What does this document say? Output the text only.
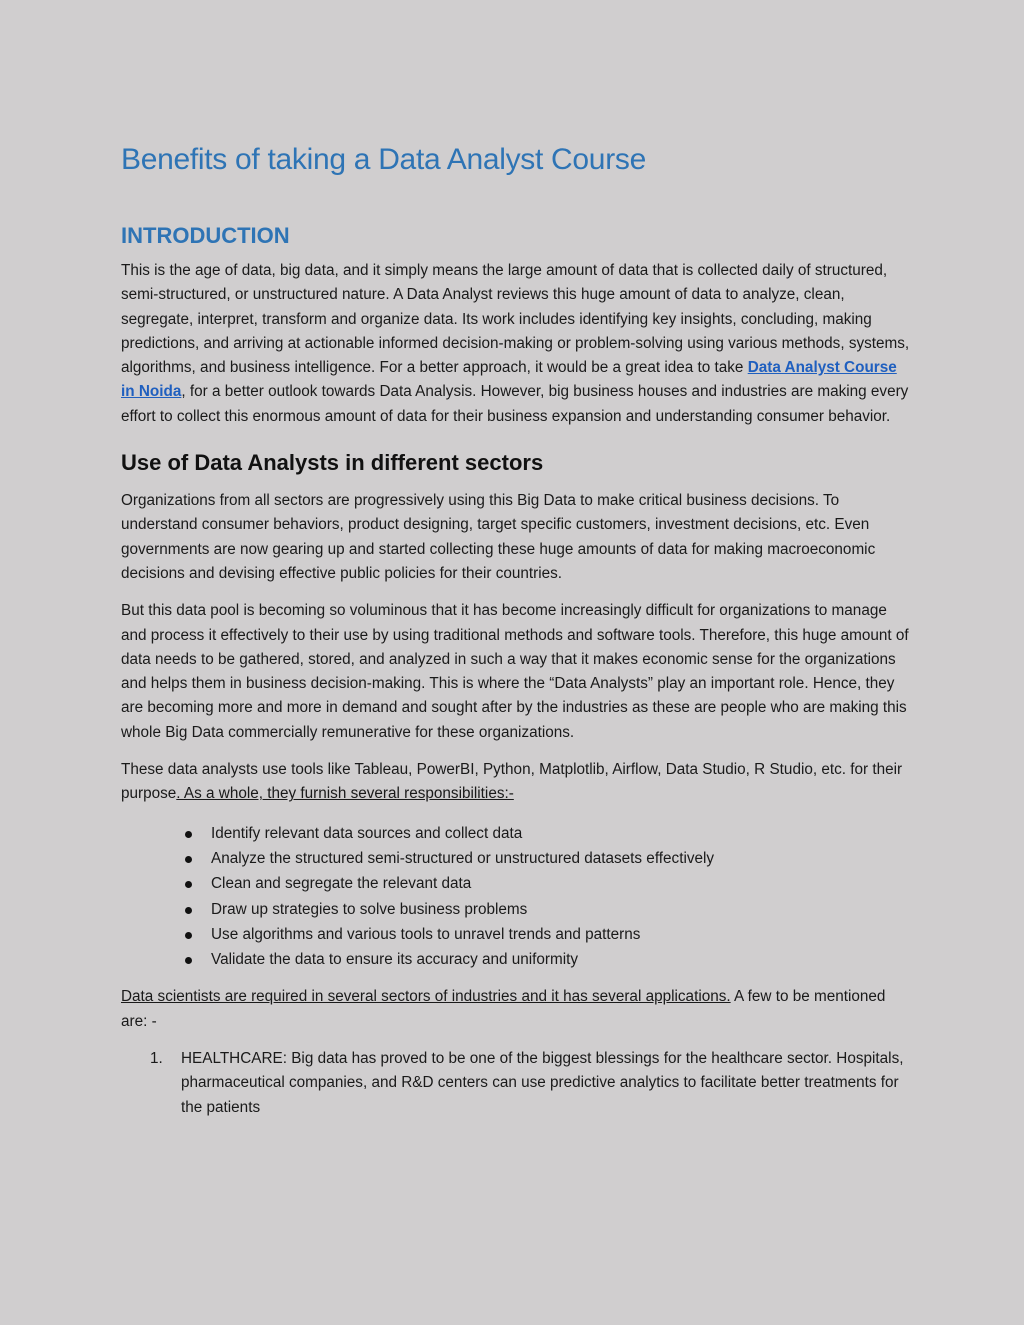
Benefits of taking a Data Analyst Course
INTRODUCTION

This is the age of data, big data, and it simply means the large amount of data that is collected daily of structured, semi-structured, or unstructured nature. A Data Analyst reviews this huge amount of data to analyze, clean, segregate, interpret, transform and organize data. Its work includes identifying key insights, concluding, making predictions, and arriving at actionable informed decision-making or problem-solving using various methods, systems, algorithms, and business intelligence. For a better approach, it would be a great idea to take Data Analyst Course in Noida, for a better outlook towards Data Analysis. However, big business houses and industries are making every effort to collect this enormous amount of data for their business expansion and understanding consumer behavior.

Use of Data Analysts in different sectors

Organizations from all sectors are progressively using this Big Data to make critical business decisions. To understand consumer behaviors, product designing, target specific customers, investment decisions, etc. Even governments are now gearing up and started collecting these huge amounts of data for making macroeconomic decisions and devising effective public policies for their countries.

But this data pool is becoming so voluminous that it has become increasingly difficult for organizations to manage and process it effectively to their use by using traditional methods and software tools. Therefore, this huge amount of data needs to be gathered, stored, and analyzed in such a way that it makes economic sense for the organizations and helps them in business decision-making. This is where the “Data Analysts” play an important role. Hence, they are becoming more and more in demand and sought after by the industries as these are people who are making this whole Big Data commercially remunerative for these organizations.

These data analysts use tools like Tableau, PowerBI, Python, Matplotlib, Airflow, Data Studio, R Studio, etc. for their purpose. As a whole, they furnish several responsibilities:-

Identify relevant data sources and collect data
Analyze the structured semi-structured or unstructured datasets effectively
Clean and segregate the relevant data
Draw up strategies to solve business problems
Use algorithms and various tools to unravel trends and patterns
Validate the data to ensure its accuracy and uniformity

Data scientists are required in several sectors of industries and it has several applications. A few to be mentioned are: -

1. HEALTHCARE: Big data has proved to be one of the biggest blessings for the healthcare sector. Hospitals, pharmaceutical companies, and R&D centers can use predictive analytics to facilitate better treatments for the patients
